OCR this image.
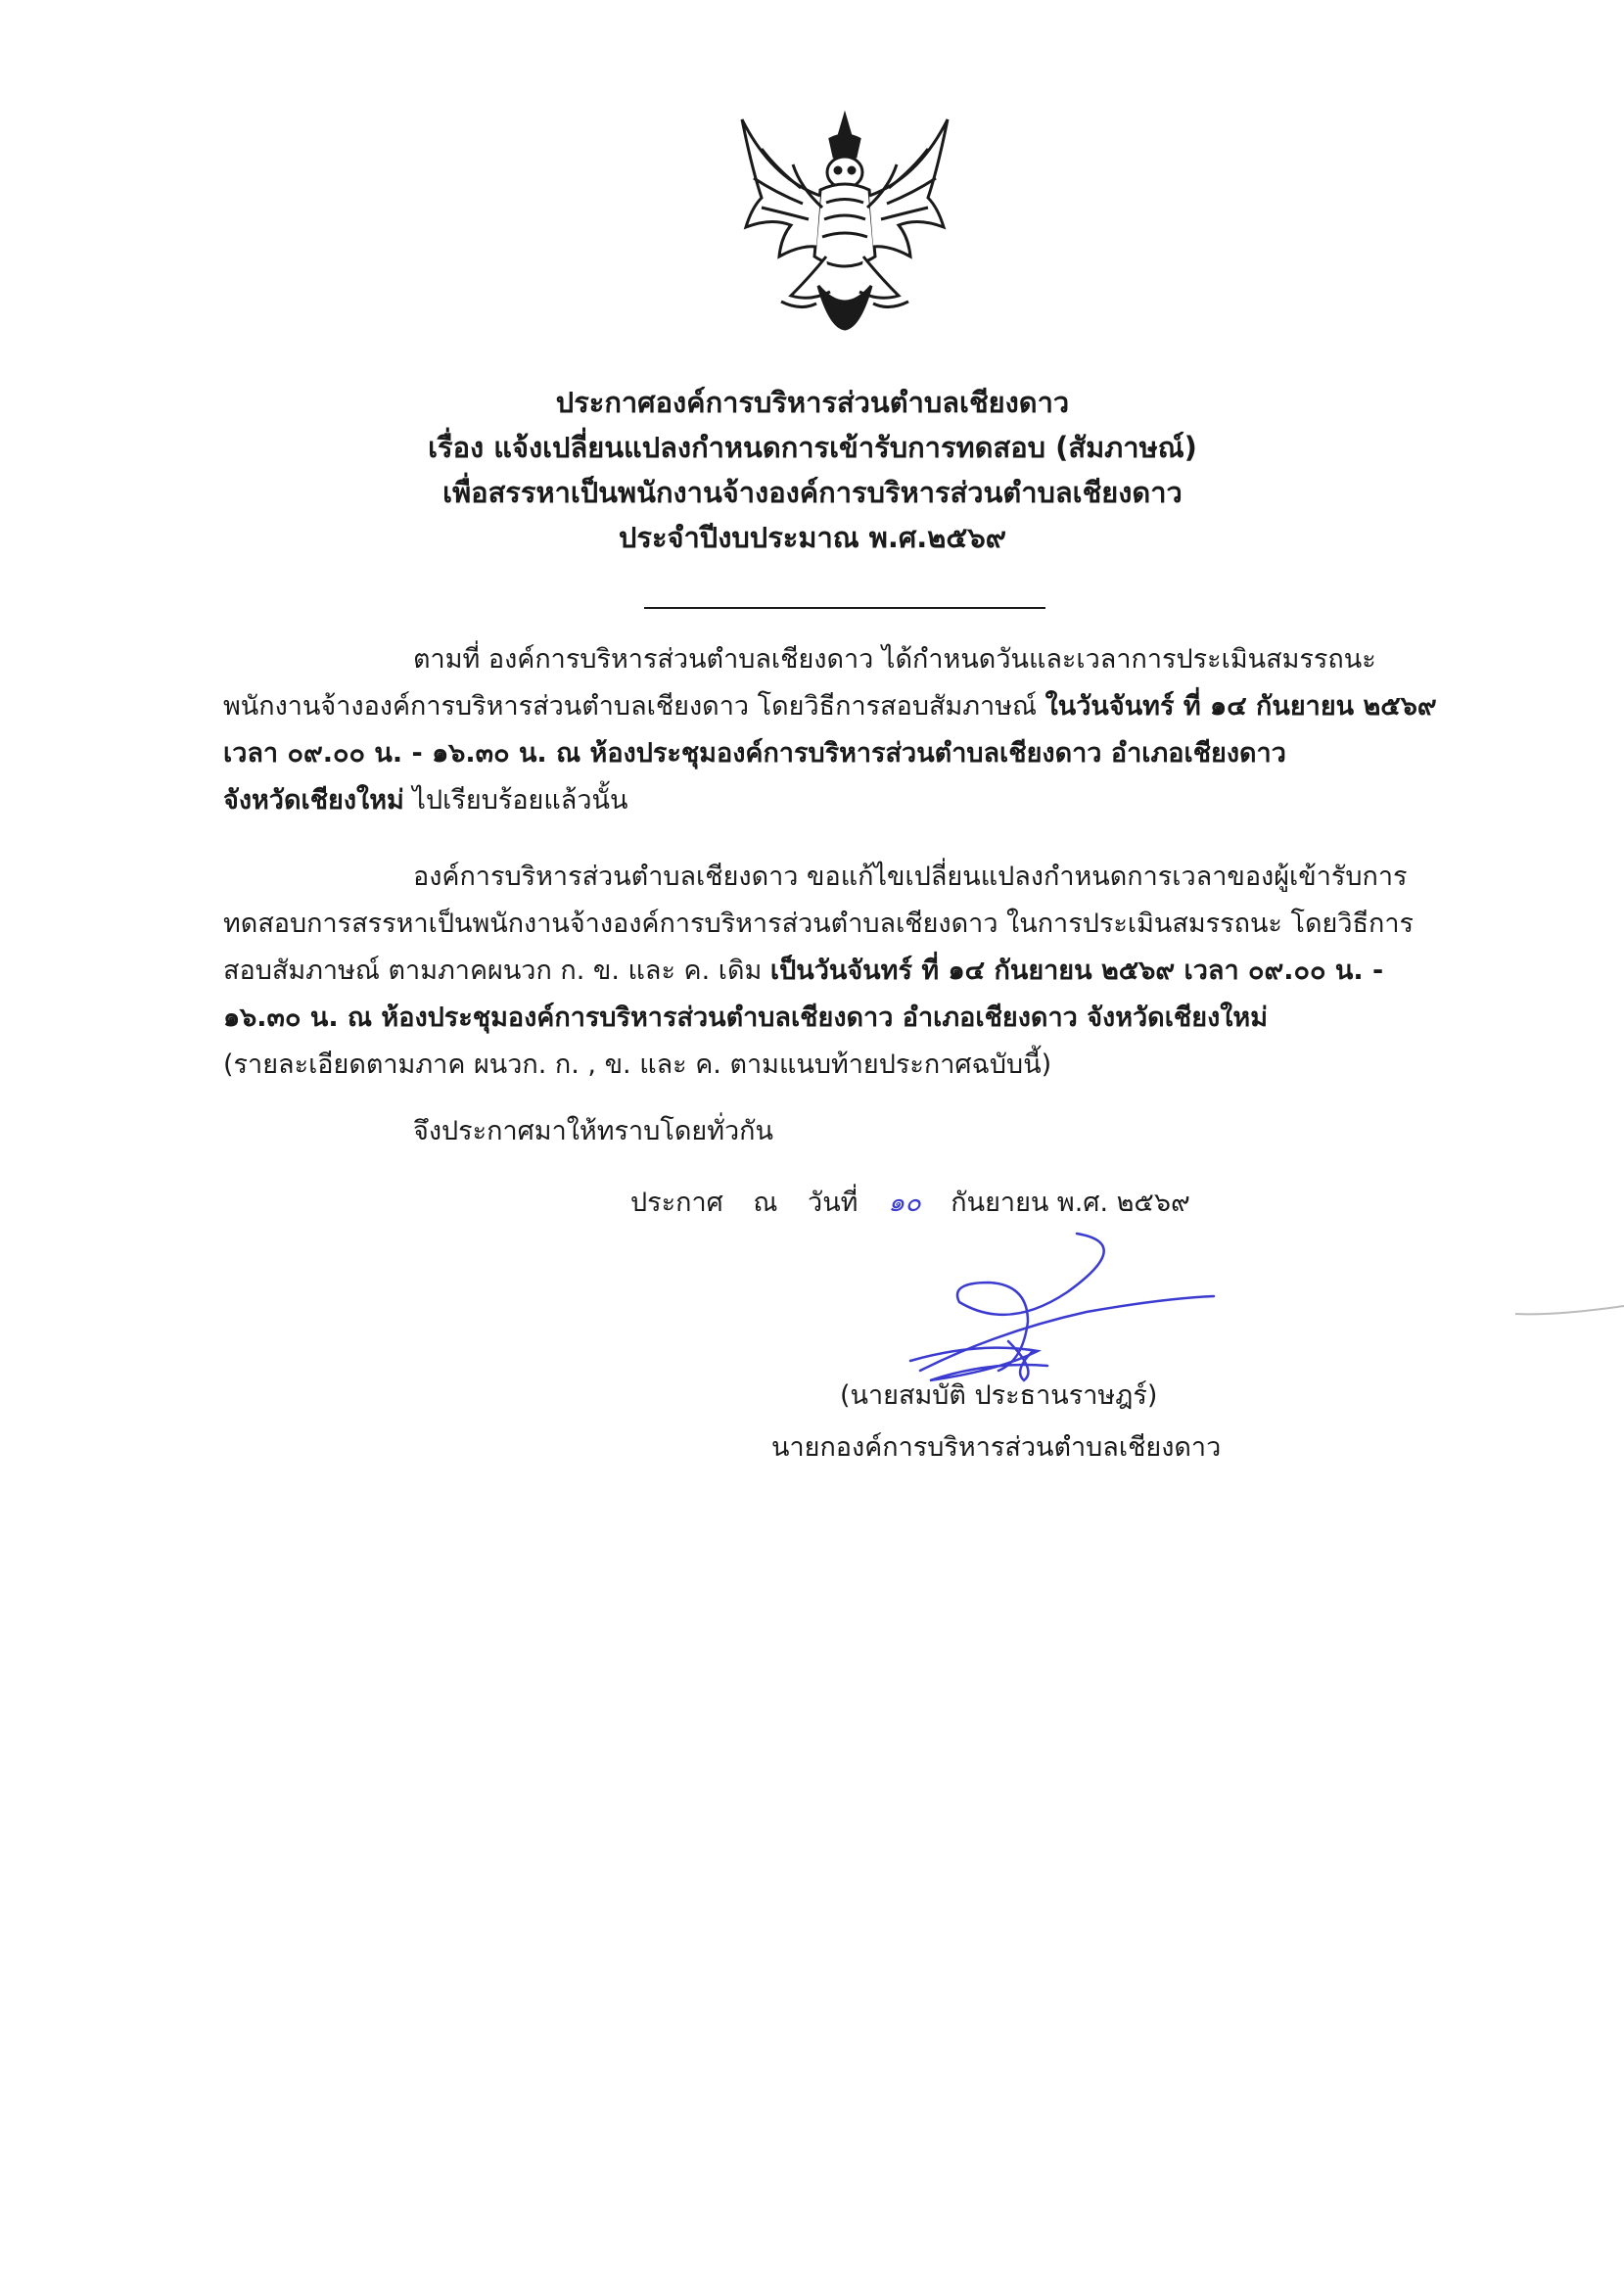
ประกาศองค์การบริหารส่วนตำบลเชียงดาว
เรื่อง แจ้งเปลี่ยนแปลงกำหนดการเข้ารับการทดสอบ (สัมภาษณ์)
เพื่อสรรหาเป็นพนักงานจ้างองค์การบริหารส่วนตำบลเชียงดาว
ประจำปีงบประมาณ พ.ศ.๒๕๖๙
ตามที่ องค์การบริหารส่วนตำบลเชียงดาว ได้กำหนดวันและเวลาการประเมินสมรรถนะ
พนักงานจ้างองค์การบริหารส่วนตำบลเชียงดาว โดยวิธีการสอบสัมภาษณ์ ในวันจันทร์ ที่ ๑๔ กันยายน ๒๕๖๙
เวลา ๐๙.๐๐ น. - ๑๖.๓๐ น. ณ ห้องประชุมองค์การบริหารส่วนตำบลเชียงดาว อำเภอเชียงดาว
จังหวัดเชียงใหม่ ไปเรียบร้อยแล้วนั้น
องค์การบริหารส่วนตำบลเชียงดาว ขอแก้ไขเปลี่ยนแปลงกำหนดการเวลาของผู้เข้ารับการ
ทดสอบการสรรหาเป็นพนักงานจ้างองค์การบริหารส่วนตำบลเชียงดาว ในการประเมินสมรรถนะ โดยวิธีการ
สอบสัมภาษณ์ ตามภาคผนวก ก. ข. และ ค. เดิม เป็นวันจันทร์ ที่ ๑๔ กันยายน ๒๕๖๙ เวลา ๐๙.๐๐ น. -
๑๖.๓๐ น. ณ ห้องประชุมองค์การบริหารส่วนตำบลเชียงดาว อำเภอเชียงดาว จังหวัดเชียงใหม่
(รายละเอียดตามภาค ผนวก. ก. , ข. และ ค. ตามแนบท้ายประกาศฉบับนี้)
จึงประกาศมาให้ทราบโดยทั่วกัน
ประกาศ ณ วันที่ ๑๐ กันยายน พ.ศ. ๒๕๖๙
(นายสมบัติ ประธานราษฎร์)
นายกองค์การบริหารส่วนตำบลเชียงดาว
